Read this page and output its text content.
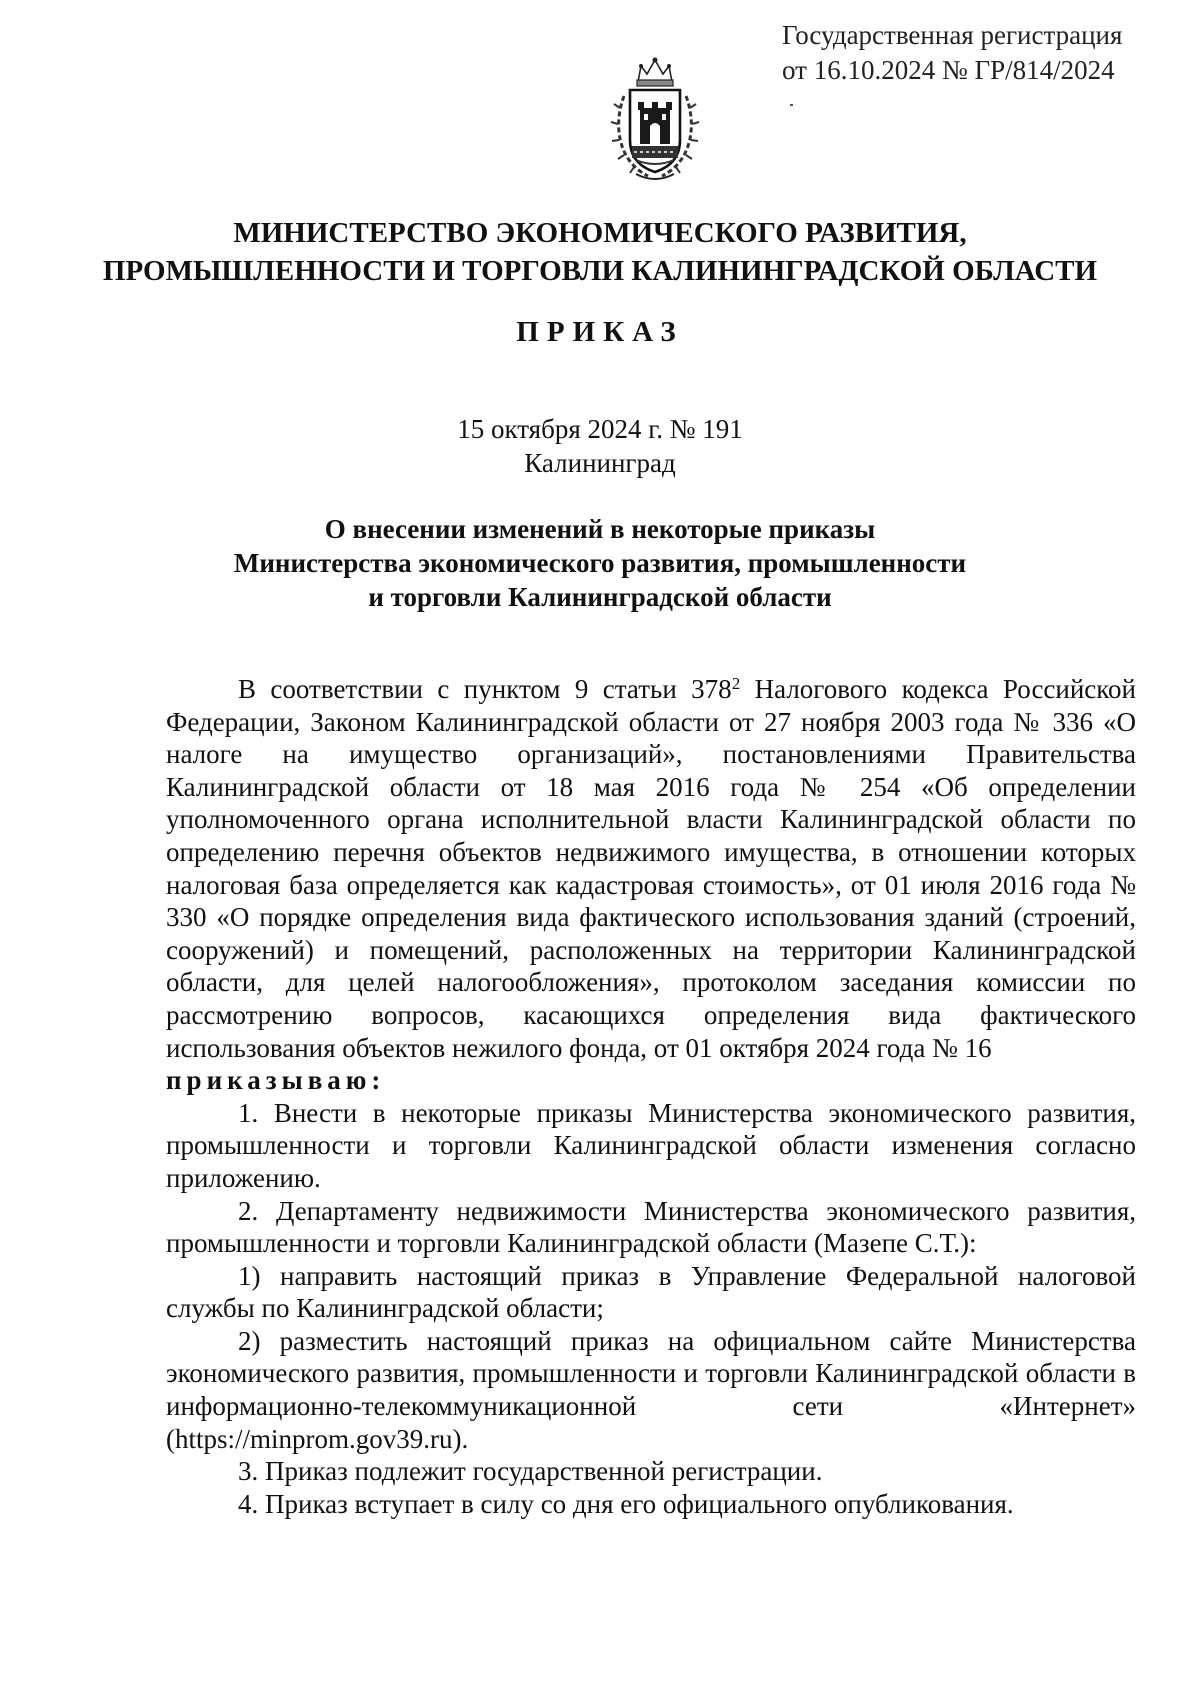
Государственная регистрация
от 16.10.2024 № ГР/814/2024
МИНИСТЕРСТВО ЭКОНОМИЧЕСКОГО РАЗВИТИЯ,
ПРОМЫШЛЕННОСТИ И ТОРГОВЛИ КАЛИНИНГРАДСКОЙ ОБЛАСТИ
ПРИКАЗ
15 октября 2024 г. № 191
Калининград
О внесении изменений в некоторые приказы
Министерства экономического развития, промышленности
и торговли Калининградской области

В соответствии с пунктом 9 статьи $378^2$ Налогового кодекса Российской Федерации, Законом Калининградской области от 27 ноября 2003 года № 336 «О налоге на имущество организаций», постановлениями Правительства Калининградской области от 18 мая 2016 года № 254 «Об определении уполномоченного органа исполнительной власти Калининградской области по определению перечня объектов недвижимого имущества, в отношении которых налоговая база определяется как кадастровая стоимость», от 01 июля 2016 года № 330 «О порядке определения вида фактического использования зданий (строений, сооружений) и помещений, расположенных на территории Калининградской области, для целей налогообложения», протоколом заседания комиссии по рассмотрению вопросов, касающихся определения вида фактического использования объектов нежилого фонда, от 01 октября 2024 года № 16

приказываю:

1. Внести в некоторые приказы Министерства экономического развития, промышленности и торговли Калининградской области изменения согласно приложению.

2. Департаменту недвижимости Министерства экономического развития, промышленности и торговли Калининградской области (Мазепе С.Т.):

1) направить настоящий приказ в Управление Федеральной налоговой службы по Калининградской области;

2) разместить настоящий приказ на официальном сайте Министерства экономического развития, промышленности и торговли Калининградской области в информационно-телекоммуникационной сети «Интернет» (https://minprom.gov39.ru).

3. Приказ подлежит государственной регистрации.

4. Приказ вступает в силу со дня его официального опубликования.
